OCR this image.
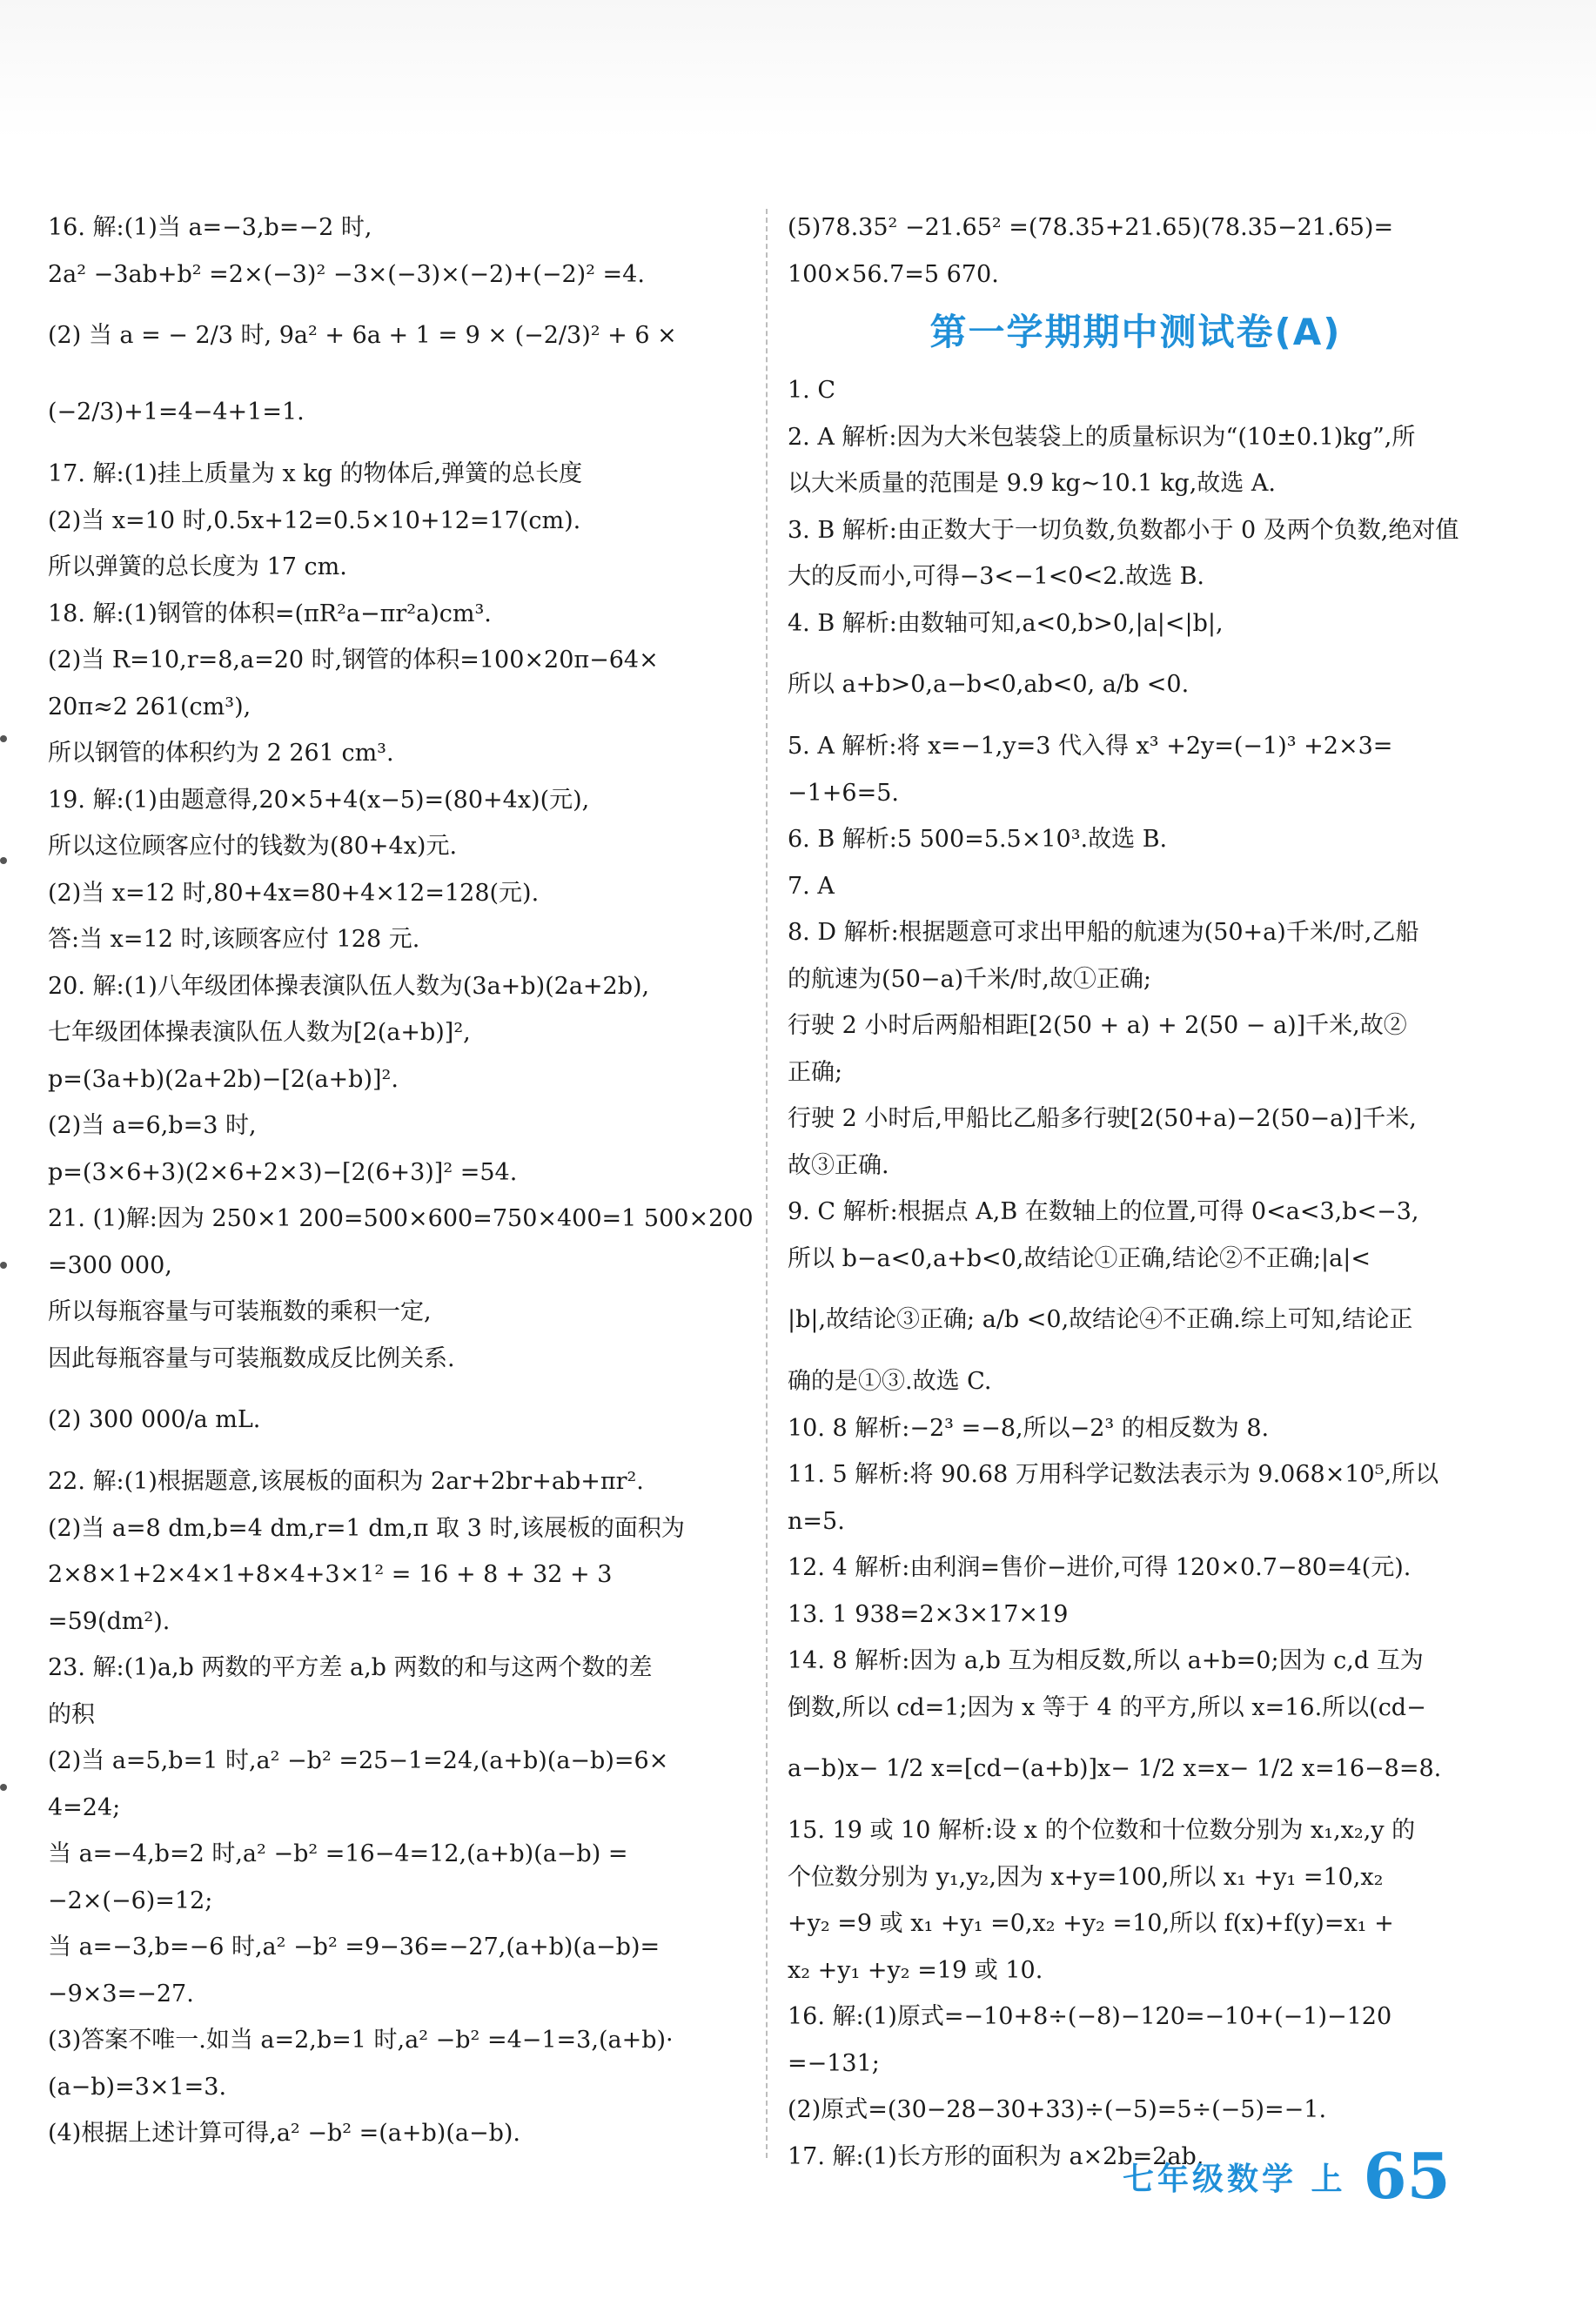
16. 解:(1)当 a=−3,b=−2 时,
2a² −3ab+b² =2×(−3)² −3×(−3)×(−2)+(−2)² =4.
(2) 当 a = − 2/3 时, 9a² + 6a + 1 = 9 × (−2/3)² + 6 ×
(−2/3)+1=4−4+1=1.
17. 解:(1)挂上质量为 x kg 的物体后,弹簧的总长度
(2)当 x=10 时,0.5x+12=0.5×10+12=17(cm).
所以弹簧的总长度为 17 cm.
18. 解:(1)钢管的体积=(πR²a−πr²a)cm³.
(2)当 R=10,r=8,a=20 时,钢管的体积=100×20π−64×
20π≈2 261(cm³),
所以钢管的体积约为 2 261 cm³.
19. 解:(1)由题意得,20×5+4(x−5)=(80+4x)(元),
所以这位顾客应付的钱数为(80+4x)元.
(2)当 x=12 时,80+4x=80+4×12=128(元).
答:当 x=12 时,该顾客应付 128 元.
20. 解:(1)八年级团体操表演队伍人数为(3a+b)(2a+2b),
七年级团体操表演队伍人数为[2(a+b)]²,
p=(3a+b)(2a+2b)−[2(a+b)]².
(2)当 a=6,b=3 时,
p=(3×6+3)(2×6+2×3)−[2(6+3)]² =54.
21. (1)解:因为 250×1 200=500×600=750×400=1 500×200
=300 000,
所以每瓶容量与可装瓶数的乘积一定,
因此每瓶容量与可装瓶数成反比例关系.
(2) 300 000/a mL.
22. 解:(1)根据题意,该展板的面积为 2ar+2br+ab+πr².
(2)当 a=8 dm,b=4 dm,r=1 dm,π 取 3 时,该展板的面积为
2×8×1+2×4×1+8×4+3×1² = 16 + 8 + 32 + 3
=59(dm²).
23. 解:(1)a,b 两数的平方差 a,b 两数的和与这两个数的差
的积
(2)当 a=5,b=1 时,a² −b² =25−1=24,(a+b)(a−b)=6×
4=24;
当 a=−4,b=2 时,a² −b² =16−4=12,(a+b)(a−b) =
−2×(−6)=12;
当 a=−3,b=−6 时,a² −b² =9−36=−27,(a+b)(a−b)=
−9×3=−27.
(3)答案不唯一.如当 a=2,b=1 时,a² −b² =4−1=3,(a+b)·
(a−b)=3×1=3.
(4)根据上述计算可得,a² −b² =(a+b)(a−b).
(5)78.35² −21.65² =(78.35+21.65)(78.35−21.65)=
100×56.7=5 670.
第一学期期中测试卷(A)
1. C
2. A 解析:因为大米包装袋上的质量标识为“(10±0.1)kg”,所
以大米质量的范围是 9.9 kg~10.1 kg,故选 A.
3. B 解析:由正数大于一切负数,负数都小于 0 及两个负数,绝对值
大的反而小,可得−3<−1<0<2.故选 B.
4. B 解析:由数轴可知,a<0,b>0,|a|<|b|,
所以 a+b>0,a−b<0,ab<0, a/b <0.
5. A 解析:将 x=−1,y=3 代入得 x³ +2y=(−1)³ +2×3=
−1+6=5.
6. B 解析:5 500=5.5×10³.故选 B.
7. A
8. D 解析:根据题意可求出甲船的航速为(50+a)千米/时,乙船
的航速为(50−a)千米/时,故①正确;
行驶 2 小时后两船相距[2(50 + a) + 2(50 − a)]千米,故②
正确;
行驶 2 小时后,甲船比乙船多行驶[2(50+a)−2(50−a)]千米,
故③正确.
9. C 解析:根据点 A,B 在数轴上的位置,可得 0<a<3,b<−3,
所以 b−a<0,a+b<0,故结论①正确,结论②不正确;|a|<
|b|,故结论③正确; a/b <0,故结论④不正确.综上可知,结论正
确的是①③.故选 C.
10. 8 解析:−2³ =−8,所以−2³ 的相反数为 8.
11. 5 解析:将 90.68 万用科学记数法表示为 9.068×10⁵,所以
n=5.
12. 4 解析:由利润=售价−进价,可得 120×0.7−80=4(元).
13. 1 938=2×3×17×19
14. 8 解析:因为 a,b 互为相反数,所以 a+b=0;因为 c,d 互为
倒数,所以 cd=1;因为 x 等于 4 的平方,所以 x=16.所以(cd−
a−b)x− 1/2 x=[cd−(a+b)]x− 1/2 x=x− 1/2 x=16−8=8.
15. 19 或 10 解析:设 x 的个位数和十位数分别为 x₁,x₂,y 的
个位数分别为 y₁,y₂,因为 x+y=100,所以 x₁ +y₁ =10,x₂
+y₂ =9 或 x₁ +y₁ =0,x₂ +y₂ =10,所以 f(x)+f(y)=x₁ +
x₂ +y₁ +y₂ =19 或 10.
16. 解:(1)原式=−10+8÷(−8)−120=−10+(−1)−120
=−131;
(2)原式=(30−28−30+33)÷(−5)=5÷(−5)=−1.
17. 解:(1)长方形的面积为 a×2b=2ab,
七年级数学 上 65
